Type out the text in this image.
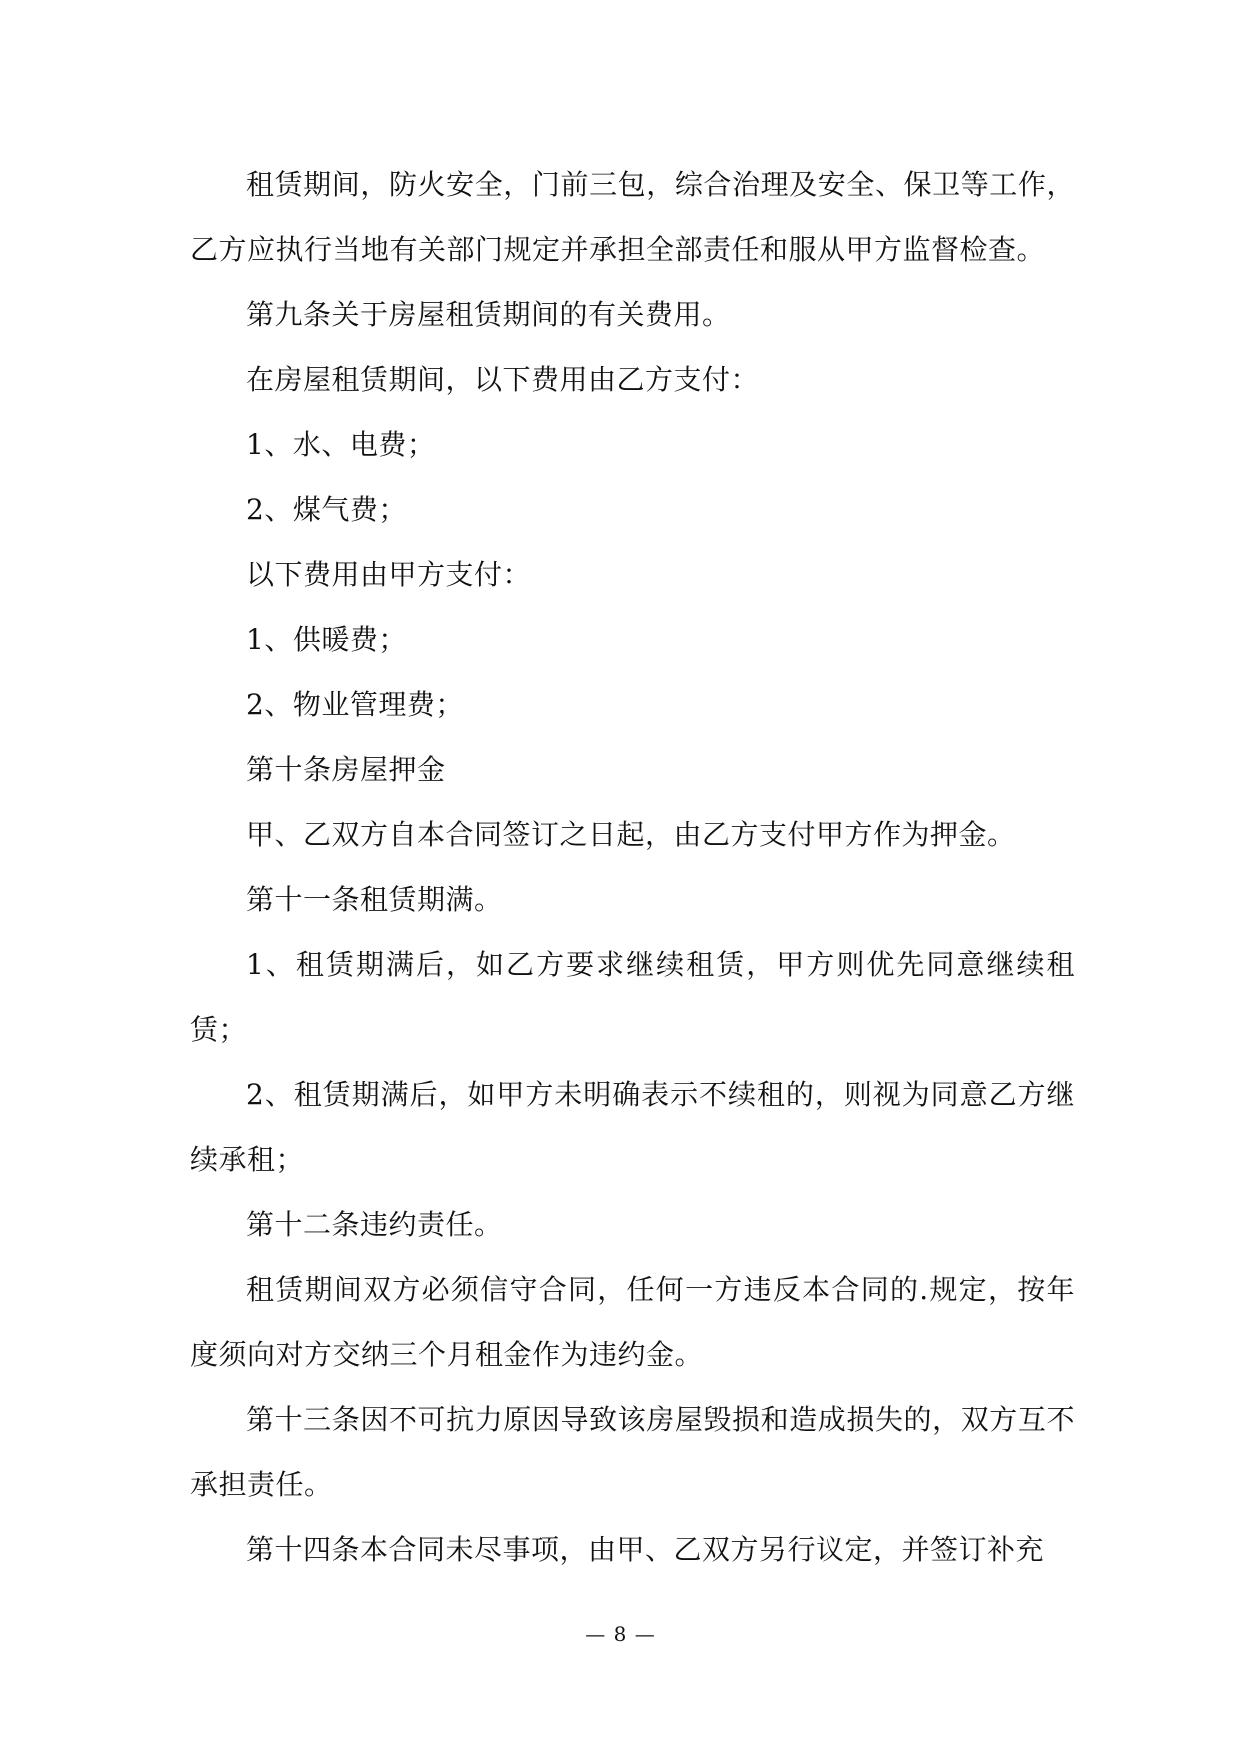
租赁期间，防火安全，门前三包，综合治理及安全、保卫等工作，乙方应执行当地有关部门规定并承担全部责任和服从甲方监督检查。

第九条关于房屋租赁期间的有关费用。

在房屋租赁期间，以下费用由乙方支付：

1、水、电费；

2、煤气费；

以下费用由甲方支付：

1、供暖费；

2、物业管理费；

第十条房屋押金

甲、乙双方自本合同签订之日起，由乙方支付甲方作为押金。

第十一条租赁期满。

1、租赁期满后，如乙方要求继续租赁，甲方则优先同意继续租赁；

2、租赁期满后，如甲方未明确表示不续租的，则视为同意乙方继续承租；

第十二条违约责任。

租赁期间双方必须信守合同，任何一方违反本合同的.规定，按年度须向对方交纳三个月租金作为违约金。

第十三条因不可抗力原因导致该房屋毁损和造成损失的，双方互不承担责任。

第十四条本合同未尽事项，由甲、乙双方另行议定，并签订补充

— 8 —
